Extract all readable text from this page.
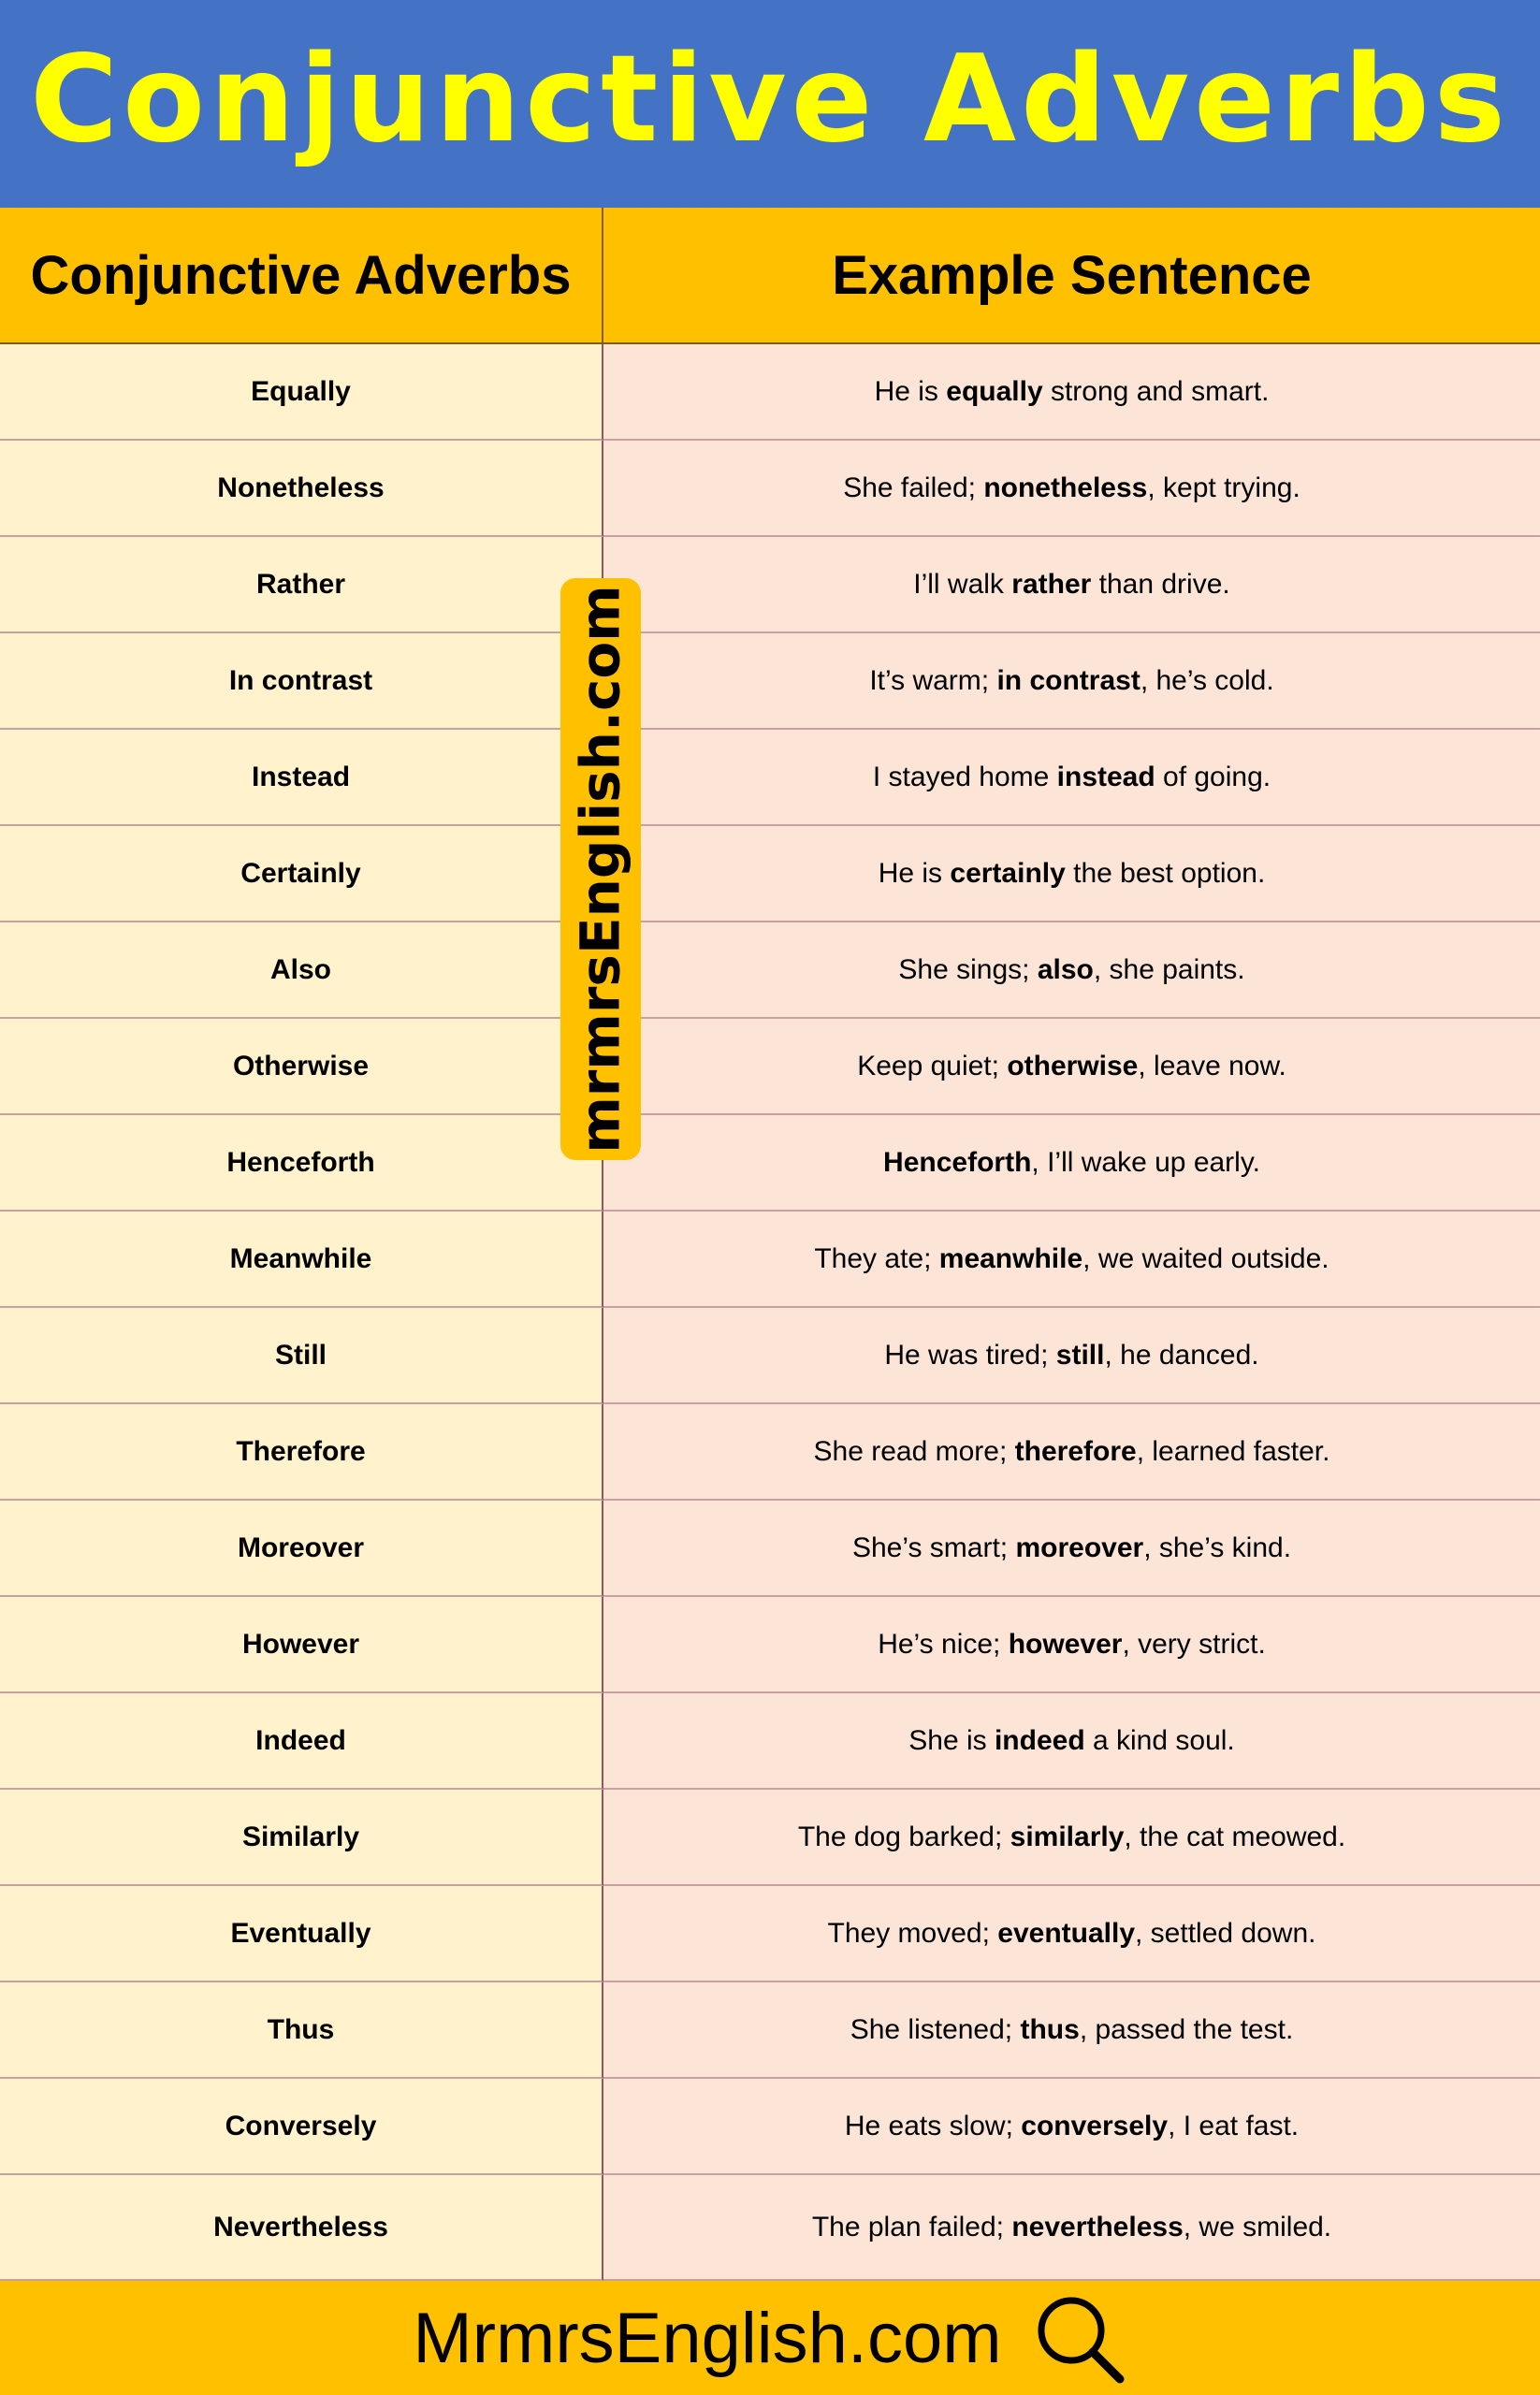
Conjunctive Adverbs
Conjunctive Adverbs	Example Sentence
Equally	He is equally strong and smart.
Nonetheless	She failed; nonetheless , kept trying.
Rather	I’ll walk rather than drive.
In contrast	It’s warm; in contrast , he’s cold.
Instead	I stayed home instead of going.
Certainly	He is certainly the best option.
Also	She sings; also , she paints.
Otherwise	Keep quiet; otherwise , leave now.
Henceforth	Henceforth , I’ll wake up early.
Meanwhile	They ate; meanwhile , we waited outside.
Still	He was tired; still , he danced.
Therefore	She read more; therefore , learned faster.
Moreover	She’s smart; moreover , she’s kind.
However	He’s nice; however , very strict.
Indeed	She is indeed a kind soul.
Similarly	The dog barked; similarly , the cat meowed.
Eventually	They moved; eventually , settled down.
Thus	She listened; thus , passed the test.
Conversely	He eats slow; conversely , I eat fast.
Nevertheless	The plan failed; nevertheless , we smiled.
mrmrsEnglish.com
MrmrsEnglish.com
